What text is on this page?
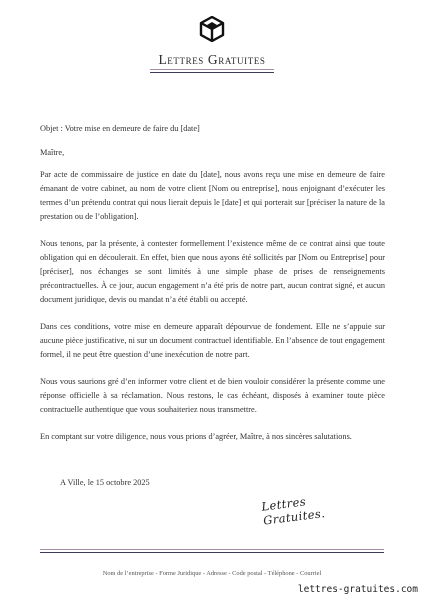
Lettres Gratuites
Objet : Votre mise en demeure de faire du [date]
Maître,
Par acte de commissaire de justice en date du [date], nous avons reçu une mise en demeure de faire émanant de votre cabinet, au nom de votre client [Nom ou entreprise], nous enjoignant d’exécuter les termes d’un prétendu contrat qui nous lierait depuis le [date] et qui porterait sur [préciser la nature de la prestation ou de l’obligation].
Nous tenons, par la présente, à contester formellement l’existence même de ce contrat ainsi que toute obligation qui en découlerait. En effet, bien que nous ayons été sollicités par [Nom ou Entreprise] pour [préciser], nos échanges se sont limités à une simple phase de prises de renseignements précontractuelles. À ce jour, aucun engagement n’a été pris de notre part, aucun contrat signé, et aucun document juridique, devis ou mandat n’a été établi ou accepté.
Dans ces conditions, votre mise en demeure apparaît dépourvue de fondement. Elle ne s’appuie sur aucune pièce justificative, ni sur un document contractuel identifiable. En l’absence de tout engagement formel, il ne peut être question d’une inexécution de notre part.
Nous vous saurions gré d’en informer votre client et de bien vouloir considérer la présente comme une réponse officielle à sa réclamation. Nous restons, le cas échéant, disposés à examiner toute pièce contractuelle authentique que vous souhaiteriez nous transmettre.
En comptant sur votre diligence, nous vous prions d’agréer, Maître, à nos sincères salutations.
A Ville, le 15 octobre 2025
Lettres Gratuites.
Nom de l’entreprise - Forme Juridique - Adresse - Code postal - Téléphone - Courriel
lettres-gratuites.com
